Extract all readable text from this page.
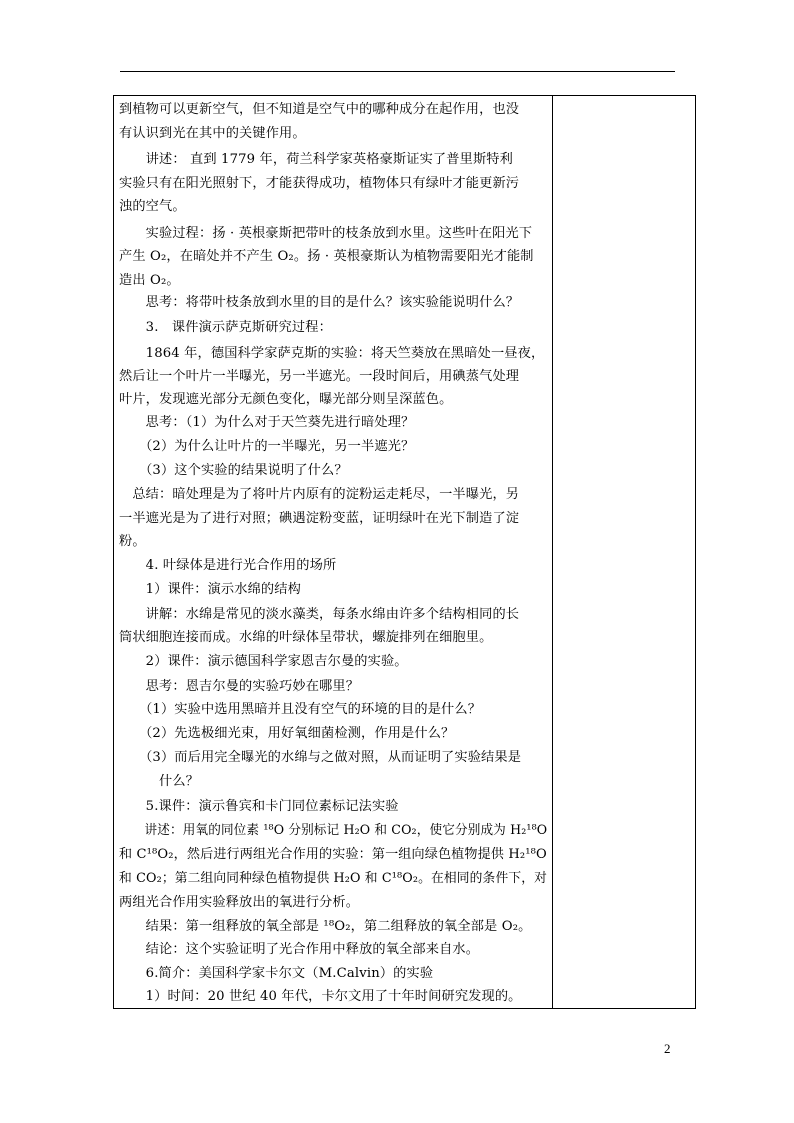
到植物可以更新空气，但不知道是空气中的哪种成分在起作用，也没
有认识到光在其中的关键作用。
　　讲述： 直到 1779 年，荷兰科学家英格豪斯证实了普里斯特利
实验只有在阳光照射下，才能获得成功，植物体只有绿叶才能更新污
浊的空气。
　　实验过程：扬 · 英根豪斯把带叶的枝条放到水里。这些叶在阳光下
产生 O₂，在暗处并不产生 O₂。扬 · 英根豪斯认为植物需要阳光才能制
造出 O₂。
　　思考：将带叶枝条放到水里的目的是什么？该实验能说明什么？
　　3.　课件演示萨克斯研究过程：
　　1864 年，德国科学家萨克斯的实验：将天竺葵放在黑暗处一昼夜，
然后让一个叶片一半曝光，另一半遮光。一段时间后，用碘蒸气处理
叶片，发现遮光部分无颜色变化，曝光部分则呈深蓝色。
　　思考：（1）为什么对于天竺葵先进行暗处理？
　　（2）为什么让叶片的一半曝光，另一半遮光？
　　（3）这个实验的结果说明了什么？
　总结：暗处理是为了将叶片内原有的淀粉运走耗尽，一半曝光，另
一半遮光是为了进行对照；碘遇淀粉变蓝，证明绿叶在光下制造了淀
粉。
　　4. 叶绿体是进行光合作用的场所
　　1）课件：演示水绵的结构
　　讲解：水绵是常见的淡水藻类，每条水绵由许多个结构相同的长
筒状细胞连接而成。水绵的叶绿体呈带状，螺旋排列在细胞里。
　　2）课件：演示德国科学家恩吉尔曼的实验。
　　思考：恩吉尔曼的实验巧妙在哪里？
　　（1）实验中选用黑暗并且没有空气的环境的目的是什么？
　　（2）先选极细光束，用好氧细菌检测，作用是什么？
　　（3）而后用完全曝光的水绵与之做对照，从而证明了实验结果是
　　　什么？
　　5.课件：演示鲁宾和卡门同位素标记法实验
　　讲述：用氧的同位素 ¹⁸O 分别标记 H₂O 和 CO₂，使它分别成为 H₂¹⁸O
和 C¹⁸O₂，然后进行两组光合作用的实验：第一组向绿色植物提供 H₂¹⁸O
和 CO₂；第二组向同种绿色植物提供 H₂O 和 C¹⁸O₂。在相同的条件下，对
两组光合作用实验释放出的氧进行分析。
　　结果：第一组释放的氧全部是 ¹⁸O₂，第二组释放的氧全部是 O₂。
　　结论：这个实验证明了光合作用中释放的氧全部来自水。
　　6.简介：美国科学家卡尔文（M.Calvin）的实验
　　1）时间：20 世纪 40 年代，卡尔文用了十年时间研究发现的。
2
